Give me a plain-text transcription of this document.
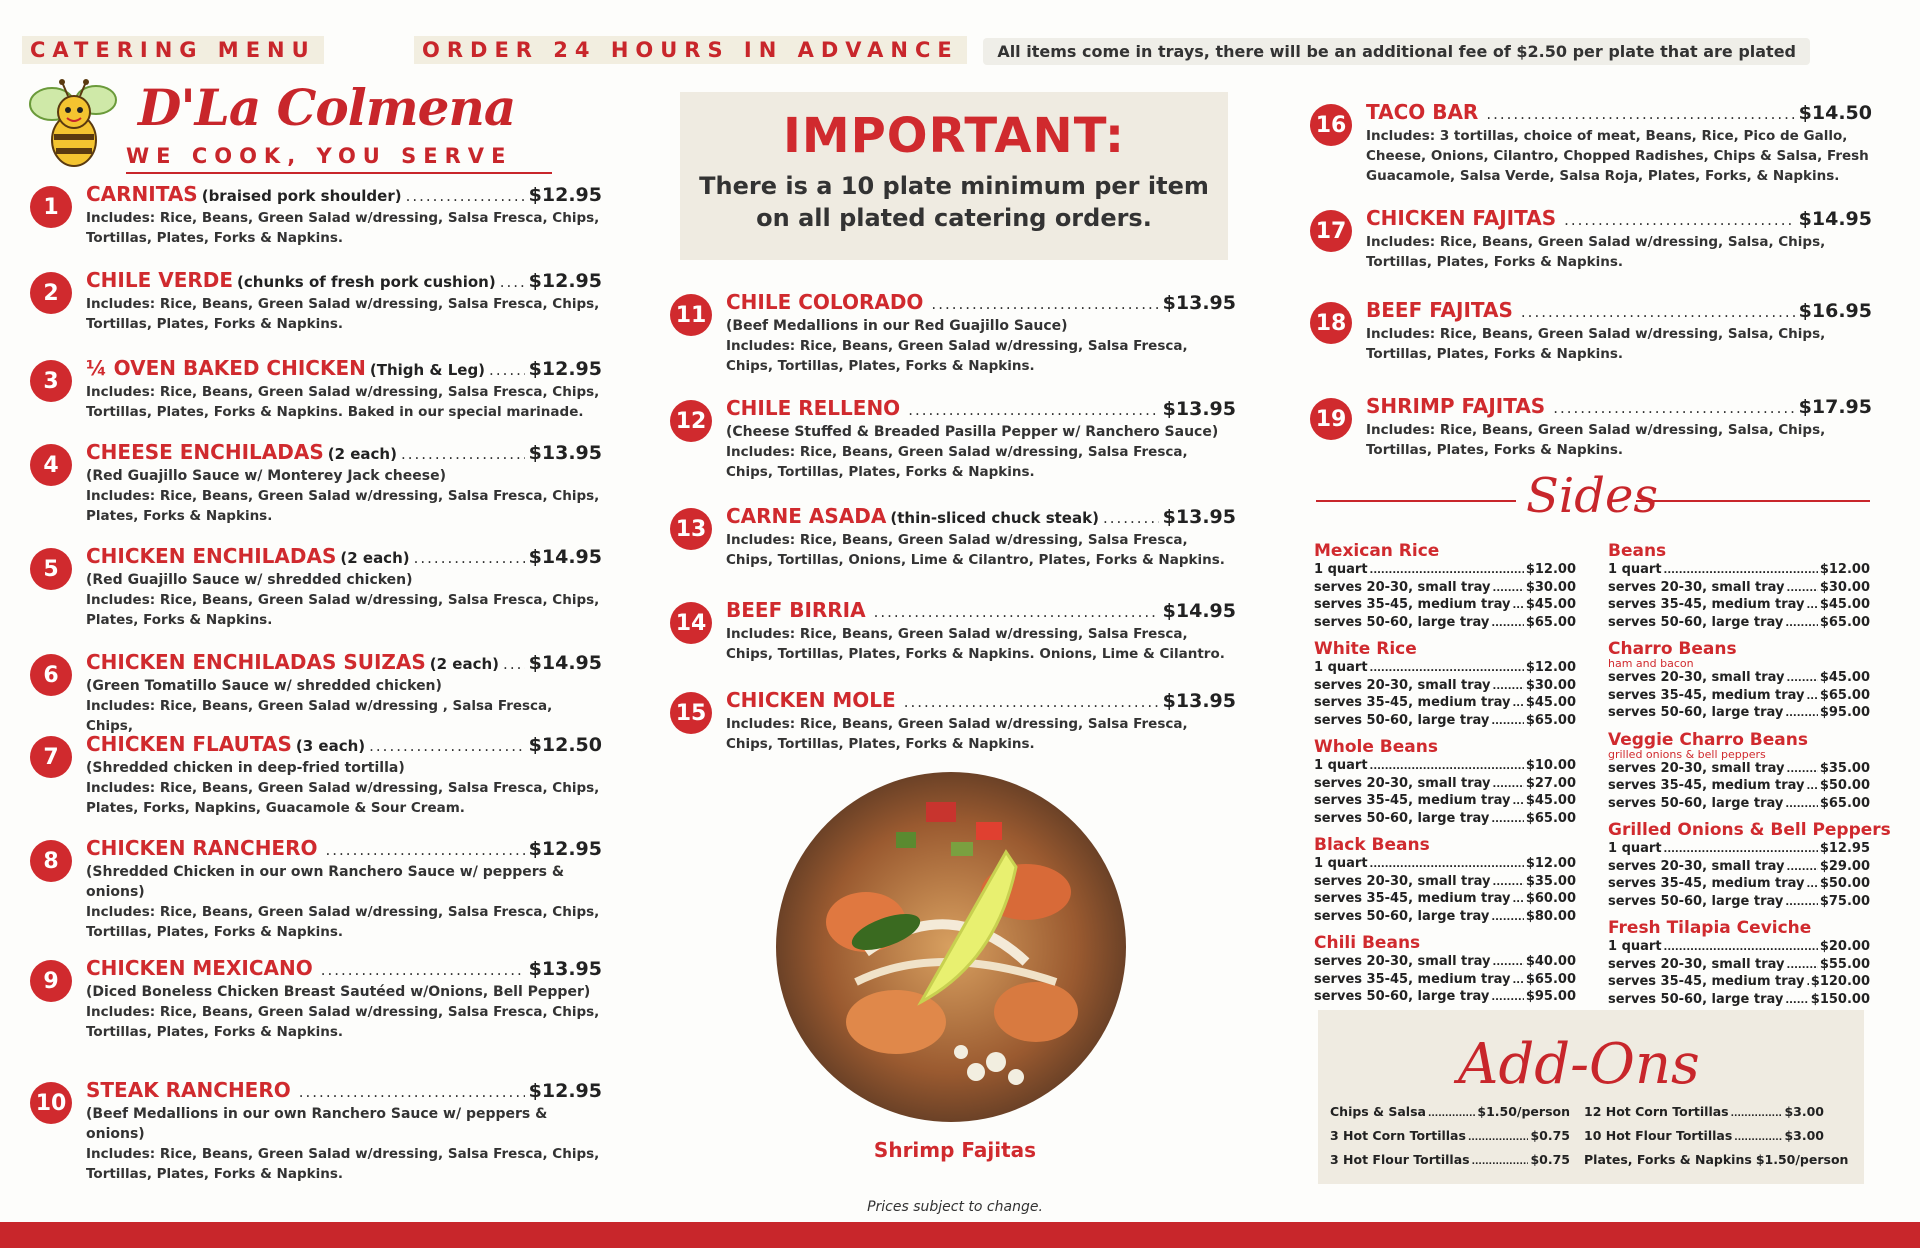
CATERING MENU	ORDER 24 HOURS IN ADVANCE	All items come in trays, there will be an additional fee of $2.50 per plate that are plated
D'La Colmena
WE COOK, YOU SERVE	IMPORTANT:
There is a 10 plate minimum per item
on all plated catering orders.
1
CARNITAS (braised pork shoulder) .....	$12.95
Includes: Rice, Beans, Green Salad w/dressing, Salsa Fresca, Chips, Tortillas, Plates, Forks & Napkins.
2
CHILE VERDE (chunks of fresh pork cushion) ..... $12.95
Includes: Rice, Beans, Green Salad w/dressing, Salsa Fresca, Chips, Tortillas, Plates, Forks & Napkins.
3
¼ OVEN BAKED CHICKEN (Thigh & Leg) ..... $12.95
Includes: Rice, Beans, Green Salad w/dressing, Salsa Fresca, Chips, Tortillas, Plates, Forks & Napkins. Baked in our special marinade.
4
CHEESE ENCHILADAS (2 each) .....	$13.95
(Red Guajillo Sauce w/ Monterey Jack cheese)
Includes: Rice, Beans, Green Salad w/dressing, Salsa Fresca, Chips, Plates, Forks & Napkins.
5
CHICKEN ENCHILADAS (2 each) .....	$14.95
(Red Guajillo Sauce w/ shredded chicken)
Includes: Rice, Beans, Green Salad w/dressing, Salsa Fresca, Chips, Plates, Forks & Napkins.
6
CHICKEN ENCHILADAS SUIZAS (2 each) ..... $14.95
(Green Tomatillo Sauce w/ shredded chicken)
Includes: Rice, Beans, Green Salad w/dressing , Salsa Fresca, Chips,
7
CHICKEN FLAUTAS (3 each) .....	$12.50
(Shredded chicken in deep-fried tortilla)
Includes: Rice, Beans, Green Salad w/dressing, Salsa Fresca, Chips, Plates, Forks, Napkins, Guacamole & Sour Cream.
8
CHICKEN RANCHERO .....	$12.95
(Shredded Chicken in our own Ranchero Sauce w/ peppers & onions)
Includes: Rice, Beans, Green Salad w/dressing, Salsa Fresca, Chips, Tortillas, Plates, Forks & Napkins.
9
CHICKEN MEXICANO .....	$13.95
(Diced Boneless Chicken Breast Sautéed w/Onions, Bell Pepper)
Includes: Rice, Beans, Green Salad w/dressing, Salsa Fresca, Chips, Tortillas, Plates, Forks & Napkins.
10
STEAK RANCHERO .....	$12.95
(Beef Medallions in our own Ranchero Sauce w/ peppers & onions)
Includes: Rice, Beans, Green Salad w/dressing, Salsa Fresca, Chips, Tortillas, Plates, Forks & Napkins.
11
CHILE COLORADO .....	$13.95
(Beef Medallions in our Red Guajillo Sauce)
Includes: Rice, Beans, Green Salad w/dressing, Salsa Fresca, Chips, Tortillas, Plates, Forks & Napkins.
12
CHILE RELLENO .....	$13.95
(Cheese Stuffed & Breaded Pasilla Pepper w/ Ranchero Sauce)
Includes: Rice, Beans, Green Salad w/dressing, Salsa Fresca, Chips, Tortillas, Plates, Forks & Napkins.
13
CARNE ASADA (thin-sliced chuck steak) .....	$13.95
Includes: Rice, Beans, Green Salad w/dressing, Salsa Fresca, Chips, Tortillas, Onions, Lime & Cilantro, Plates, Forks & Napkins.
14
BEEF BIRRIA .....	$14.95
Includes: Rice, Beans, Green Salad w/dressing, Salsa Fresca, Chips, Tortillas, Plates, Forks & Napkins. Onions, Lime & Cilantro.
15
CHICKEN MOLE .....	$13.95
Includes: Rice, Beans, Green Salad w/dressing, Salsa Fresca, Chips, Tortillas, Plates, Forks & Napkins.
16
TACO BAR .....	$14.50
Includes: 3 tortillas, choice of meat, Beans, Rice, Pico de Gallo, Cheese, Onions, Cilantro, Chopped Radishes, Chips & Salsa, Fresh Guacamole, Salsa Verde, Salsa Roja, Plates, Forks, & Napkins.
17
CHICKEN FAJITAS .....	$14.95
Includes: Rice, Beans, Green Salad w/dressing, Salsa, Chips, Tortillas, Plates, Forks & Napkins.
18
BEEF FAJITAS .....	$16.95
Includes: Rice, Beans, Green Salad w/dressing, Salsa, Chips, Tortillas, Plates, Forks & Napkins.
19
SHRIMP FAJITAS .....	$17.95
Includes: Rice, Beans, Green Salad w/dressing, Salsa, Chips, Tortillas, Plates, Forks & Napkins.
Shrimp Fajitas
Sides
Mexican Rice
1 quart .....	$12.00
serves 20-30, small tray .....	$30.00
serves 35-45, medium tray ..... $45.00
serves 50-60, large tray .....	$65.00
White Rice
1 quart .....	$12.00
serves 20-30, small tray .....	$30.00
serves 35-45, medium tray ..... $45.00
serves 50-60, large tray .....	$65.00
Whole Beans
1 quart .....	$10.00
serves 20-30, small tray .....	$27.00
serves 35-45, medium tray ..... $45.00
serves 50-60, large tray .....	$65.00
Black Beans
1 quart .....	$12.00
serves 20-30, small tray .....	$35.00
serves 35-45, medium tray ..... $60.00
serves 50-60, large tray .....	$80.00
Chili Beans
serves 20-30, small tray .....	$40.00
serves 35-45, medium tray ..... $65.00
serves 50-60, large tray .....	$95.00
Beans
1 quart .....	$12.00
serves 20-30, small tray .....	$30.00
serves 35-45, medium tray ..... $45.00
serves 50-60, large tray .....	$65.00
Charro Beans
ham and bacon
serves 20-30, small tray .....	$45.00
serves 35-45, medium tray ..... $65.00
serves 50-60, large tray .....	$95.00
Veggie Charro Beans
grilled onions & bell peppers
serves 20-30, small tray .....	$35.00
serves 35-45, medium tray ..... $50.00
serves 50-60, large tray .....	$65.00
Grilled Onions & Bell Peppers
1 quart .....	$12.95
serves 20-30, small tray .....	$29.00
serves 35-45, medium tray ..... $50.00
serves 50-60, large tray .....	$75.00
Fresh Tilapia Ceviche
1 quart .....	$20.00
serves 20-30, small tray .....	$55.00
serves 35-45, medium tray ..... $120.00
serves 50-60, large tray ..... $150.00
Add-Ons
Chips & Salsa .....	$1.50/person
3 Hot Corn Tortillas .....	$0.75
3 Hot Flour Tortillas .....	$0.75
12 Hot Corn Tortillas .....	$3.00
10 Hot Flour Tortillas .....	$3.00
Plates, Forks & Napkins $1.50/person
Prices subject to change.
